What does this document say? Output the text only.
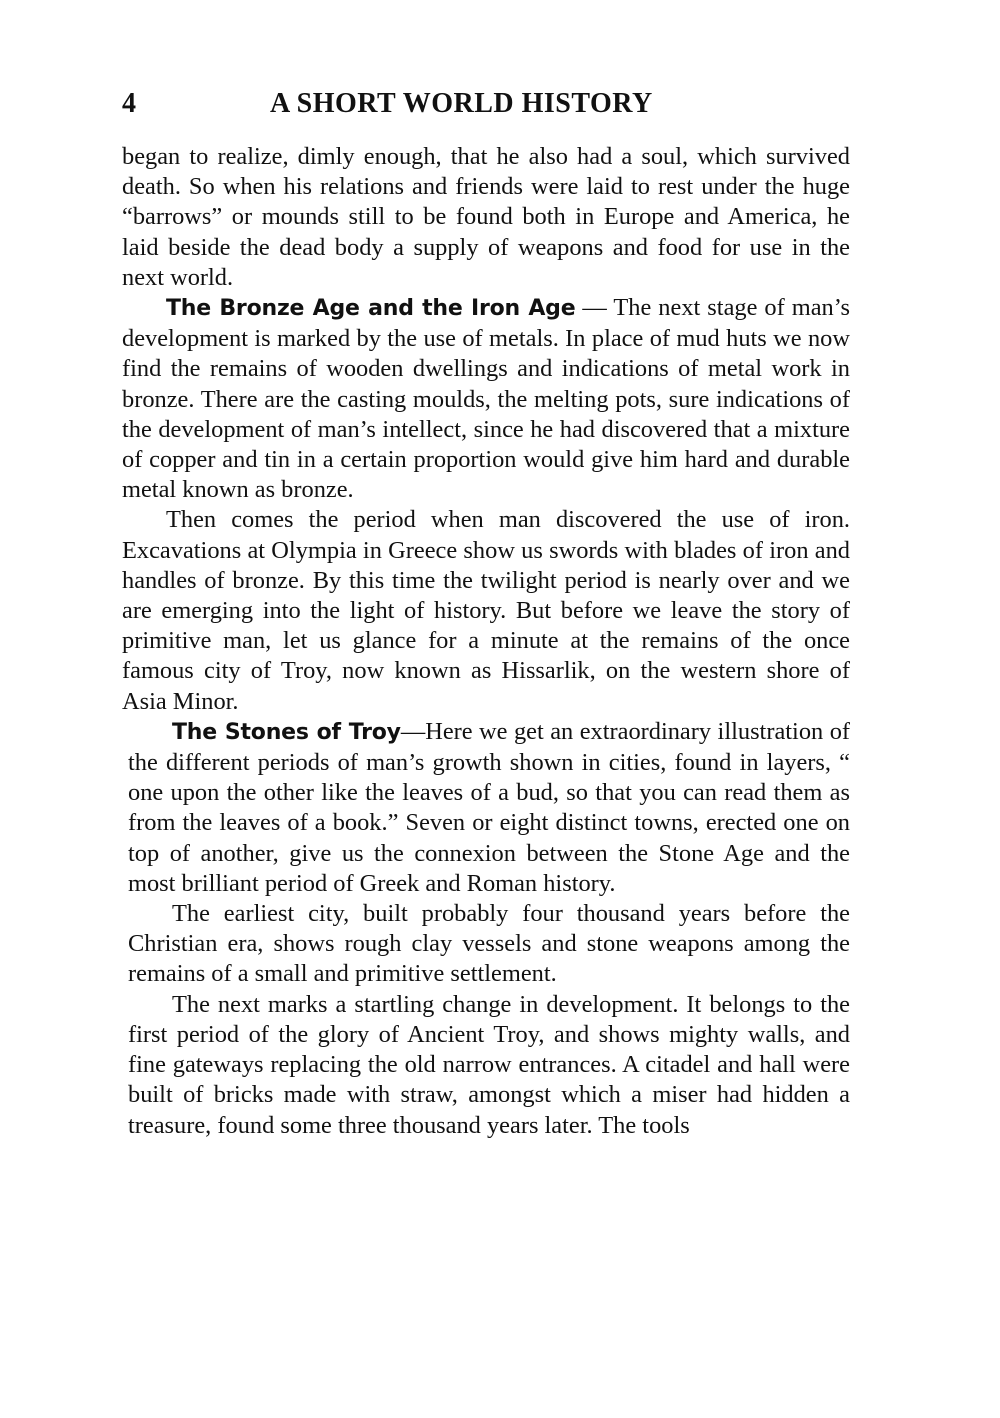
4	A SHORT WORLD HISTORY

began to realize, dimly enough, that he also had a soul, which survived death. So when his relations and friends were laid to rest under the huge “barrows” or mounds still to be found both in Europe and America, he laid beside the dead body a supply of weapons and food for use in the next world.

The Bronze Age and the Iron Age — The next stage of man’s development is marked by the use of metals. In place of mud huts we now find the remains of wooden dwellings and indications of metal work in bronze. There are the casting moulds, the melting pots, sure indications of the development of man’s intellect, since he had discovered that a mixture of copper and tin in a certain proportion would give him hard and durable metal known as bronze.

Then comes the period when man discovered the use of iron. Excavations at Olympia in Greece show us swords with blades of iron and handles of bronze. By this time the twilight period is nearly over and we are emerging into the light of history. But before we leave the story of primitive man, let us glance for a minute at the remains of the once famous city of Troy, now known as Hissarlik, on the western shore of Asia Minor.

The Stones of Troy—Here we get an extraordinary illustration of the different periods of man’s growth shown in cities, found in layers, “ one upon the other like the leaves of a bud, so that you can read them as from the leaves of a book.” Seven or eight distinct towns, erected one on top of another, give us the connexion between the Stone Age and the most brilliant period of Greek and Roman history.

The earliest city, built probably four thousand years before the Christian era, shows rough clay vessels and stone weapons among the remains of a small and primitive settlement.

The next marks a startling change in development. It belongs to the first period of the glory of Ancient Troy, and shows mighty walls, and fine gateways replacing the old narrow entrances. A citadel and hall were built of bricks made with straw, amongst which a miser had hidden a treasure, found some three thousand years later. The tools
